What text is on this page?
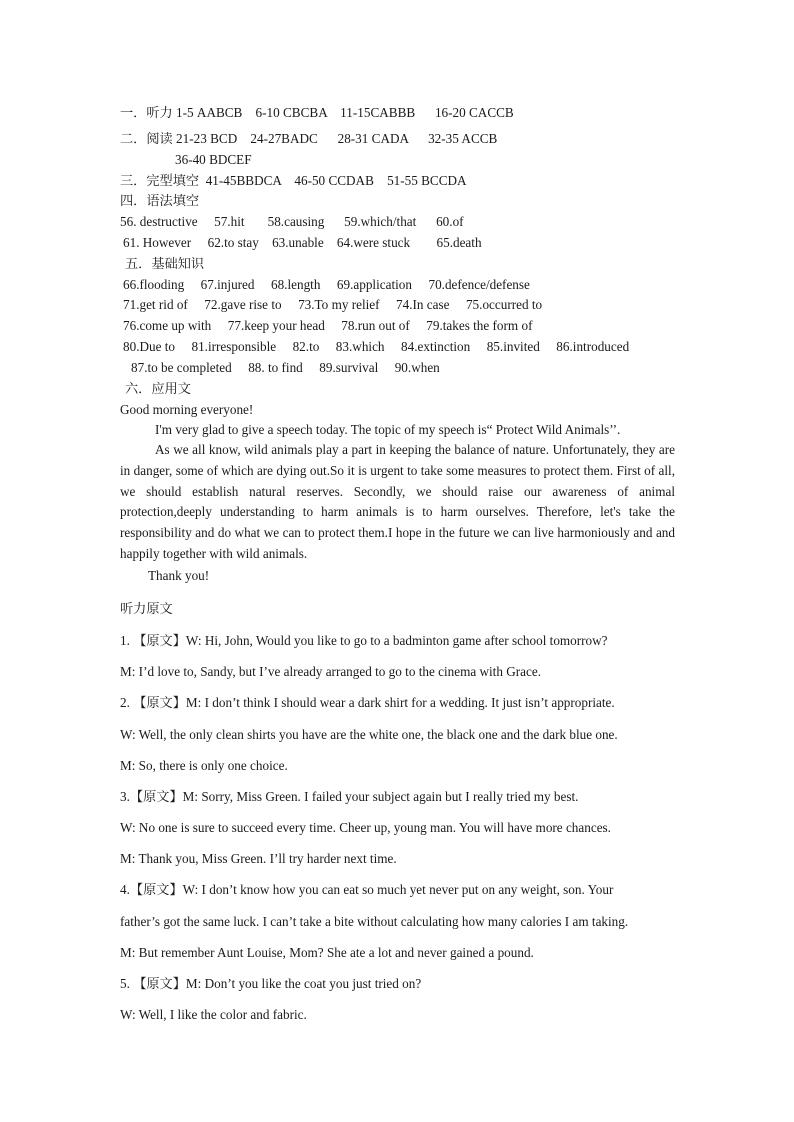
一．听力 1-5 AABCB    6-10 CBCBA    11-15CABBB      16-20 CACCB
二．阅读 21-23 BCD    24-27BADC      28-31 CADA      32-35 ACCB
36-40 BDCEF
三．完型填空  41-45BBDCA    46-50 CCDAB    51-55 BCCDA
四．语法填空
56. destructive     57.hit       58.causing      59.which/that      60.of
61. However     62.to stay    63.unable    64.were stuck        65.death
五．基础知识
66.flooding     67.injured     68.length     69.application     70.defence/defense
71.get rid of     72.gave rise to     73.To my relief     74.In case     75.occurred to
76.come up with     77.keep your head     78.run out of     79.takes the form of
80.Due to     81.irresponsible     82.to     83.which     84.extinction     85.invited     86.introduced
87.to be completed     88. to find     89.survival     90.when
六．应用文
Good morning everyone!
I'm very glad to give a speech today. The topic of my speech is“ Protect Wild Animals’’.

As we all know, wild animals play a part in keeping the balance of nature. Unfortunately, they are in danger, some of which are dying out.So it is urgent to take some measures to protect them. First of all, we should establish natural reserves. Secondly, we should raise our awareness of animal protection,deeply understanding to harm animals is to harm ourselves. Therefore, let's take the responsibility and do what we can to protect them.I hope in the future we can live harmoniously and and happily together with wild animals.

Thank you!
听力原文
1. 【原文】W: Hi, John, Would you like to go to a badminton game after school tomorrow?
M: I’d love to, Sandy, but I’ve already arranged to go to the cinema with Grace.
2. 【原文】M: I don’t think I should wear a dark shirt for a wedding. It just isn’t appropriate.
W: Well, the only clean shirts you have are the white one, the black one and the dark blue one.
M: So, there is only one choice.
3.【原文】M: Sorry, Miss Green. I failed your subject again but I really tried my best.
W: No one is sure to succeed every time. Cheer up, young man. You will have more chances.
M: Thank you, Miss Green. I’ll try harder next time.
4.【原文】W: I don’t know how you can eat so much yet never put on any weight, son. Your
father’s got the same luck. I can’t take a bite without calculating how many calories I am taking.
M: But remember Aunt Louise, Mom? She ate a lot and never gained a pound.
5. 【原文】M: Don’t you like the coat you just tried on?
W: Well, I like the color and fabric.
